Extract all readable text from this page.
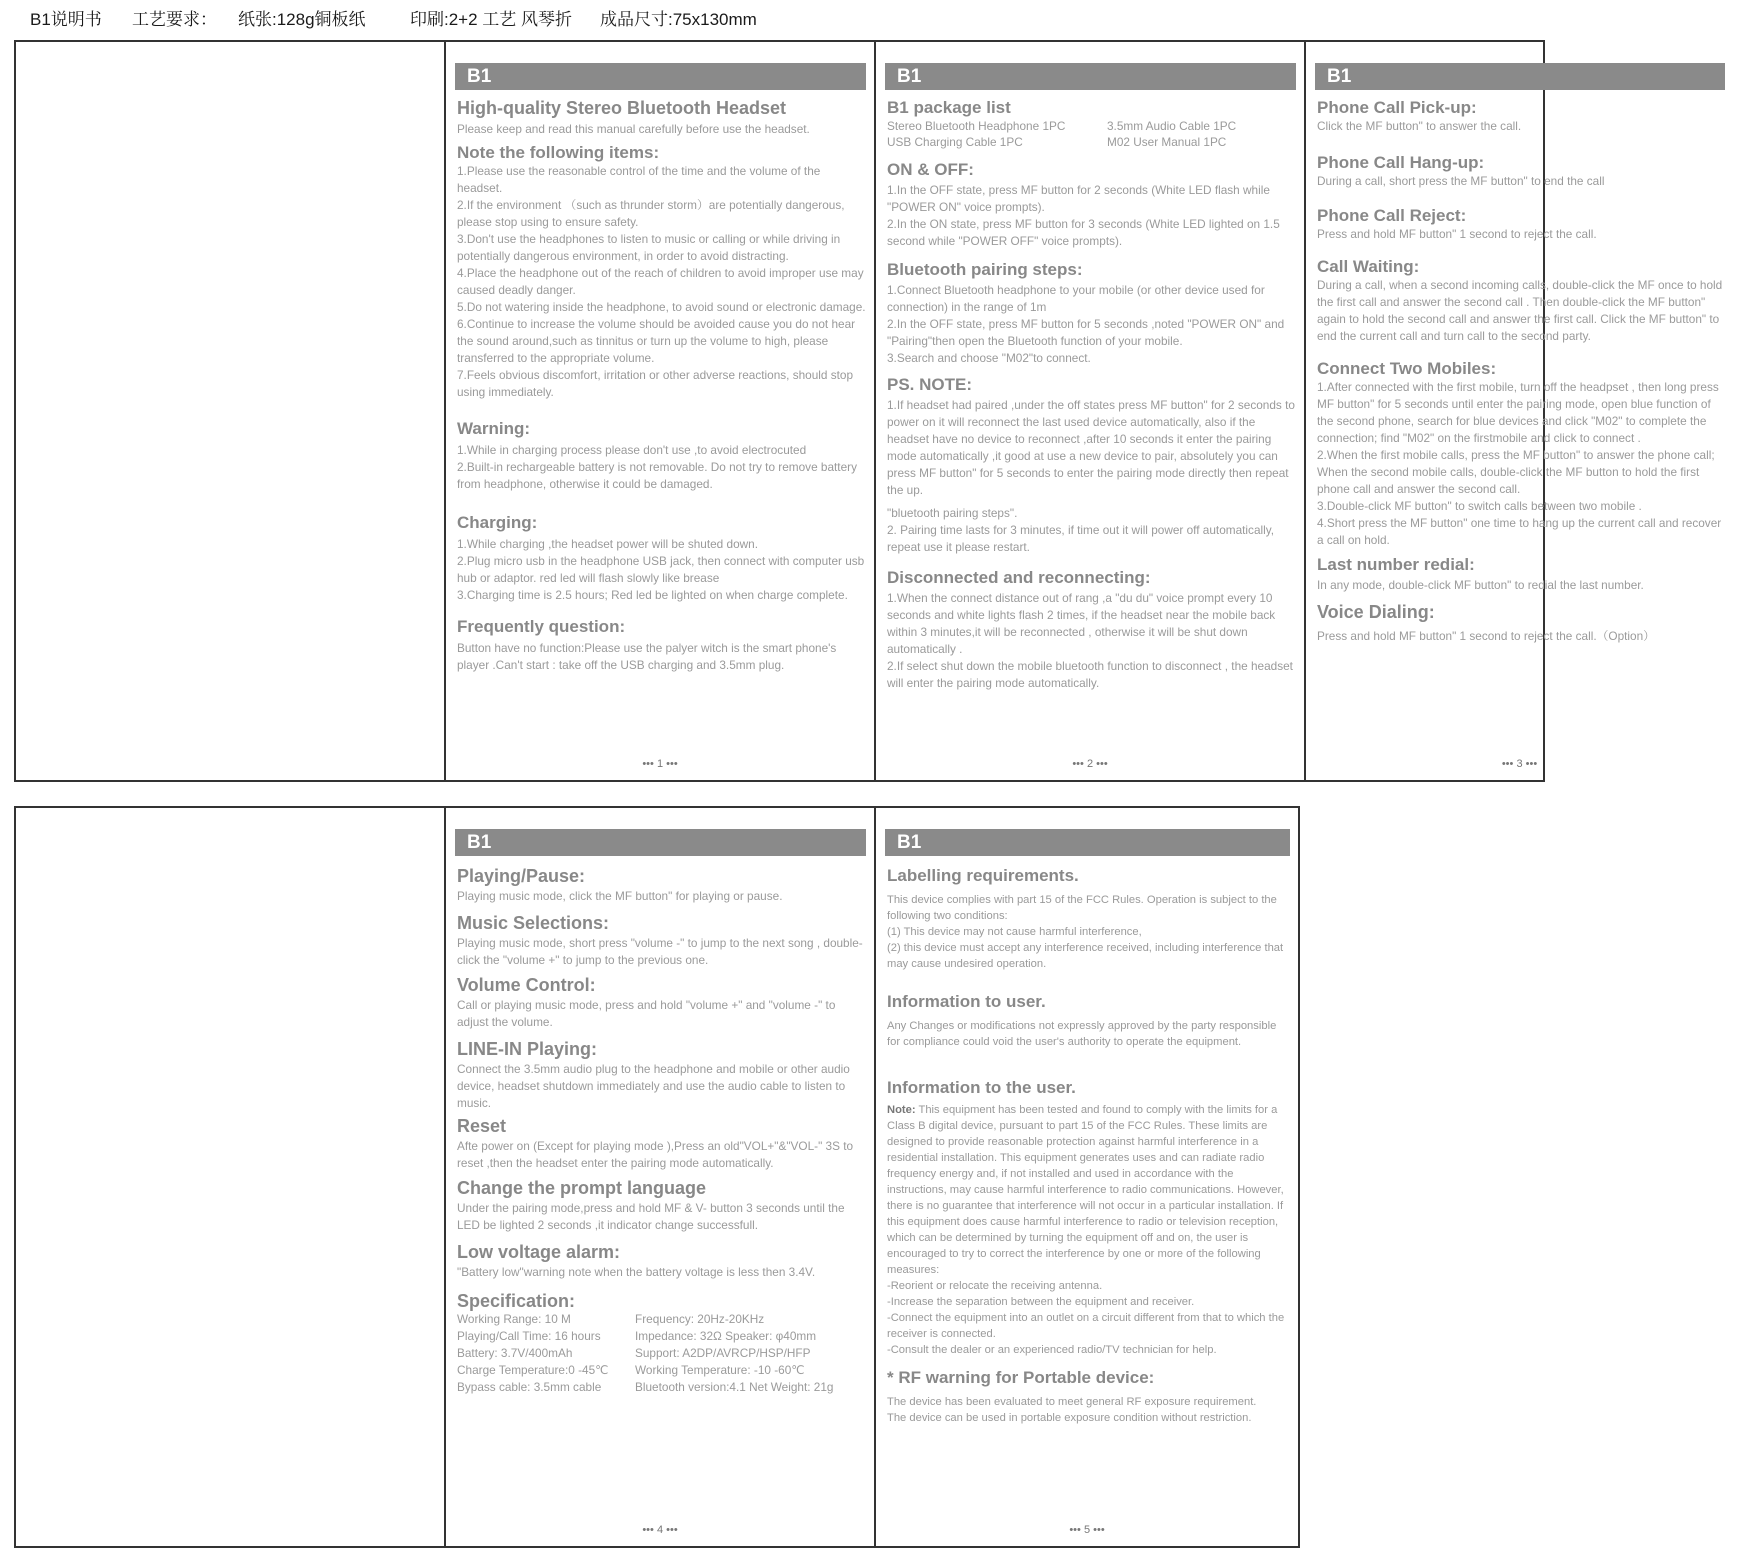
B1说明书	工艺要求：	纸张:128g铜板纸	印刷:2+2 工艺 风琴折	成品尺寸:75x130mm
B1

High-quality Stereo Bluetooth Headset

Please keep and read this manual carefully before use the headset.

Note the following items:

1.Please use the reasonable control of the time and the volume of the headset.
2.If the environment （such as thrunder storm）are potentially dangerous, please stop using to ensure safety.
3.Don't use the headphones to listen to music or calling or while driving in potentially dangerous environment, in order to avoid distracting.
4.Place the headphone out of the reach of children to avoid improper use may caused deadly danger.
5.Do not watering inside the headphone, to avoid sound or electronic damage.
6.Continue to increase the volume should be avoided cause you do not hear the sound around,such as tinnitus or turn up the volume to high, please transferred to the appropriate volume.
7.Feels obvious discomfort, irritation or other adverse reactions, should stop using immediately.

Warning:

1.While in charging process please don't use ,to avoid electrocuted
2.Built-in rechargeable battery is not removable. Do not try to remove battery from headphone, otherwise it could be damaged.

Charging:

1.While charging ,the headset power will be shuted down.
2.Plug micro usb in the headphone USB jack, then connect with computer usb hub or adaptor. red led will flash slowly like brease
3.Charging time is 2.5 hours; Red led be lighted on when charge complete.

Frequently question:

Button have no function:Please use the palyer witch is the smart phone's player .Can't start : take off the USB charging and 3.5mm plug.

••• 1 •••
B1

B1 package list

Stereo Bluetooth Headphone 1PC	3.5mm Audio Cable 1PC
USB Charging Cable 1PC	M02 User Manual 1PC

ON & OFF:

1.In the OFF state, press MF button for 2 seconds (White LED flash while "POWER ON" voice prompts).
2.In the ON state, press MF button for 3 seconds (White LED lighted on 1.5 second while "POWER OFF" voice prompts).

Bluetooth pairing steps:

1.Connect Bluetooth headphone to your mobile (or other device used for connection) in the range of 1m
2.In the OFF state, press MF button for 5 seconds ,noted "POWER ON" and "Pairing"then open the Bluetooth function of your mobile.
3.Search and choose "M02"to connect.

PS. NOTE:

1.If headset had paired ,under the off states press MF button" for 2 seconds to power on it will reconnect the last used device automatically, also if the headset have no device to reconnect ,after 10 seconds it enter the pairing mode automatically ,it good at use a new device to pair, absolutely you can press MF button" for 5 seconds to enter the pairing mode directly then repeat the up.

"bluetooth pairing steps".
2. Pairing time lasts for 3 minutes, if time out it will power off automatically, repeat use it please restart.

Disconnected and reconnecting:

1.When the connect distance out of rang ,a "du du" voice prompt every 10 seconds and white lights flash 2 times, if the headset near the mobile back within 3 minutes,it will be reconnected , otherwise it will be shut down automatically .
2.If select shut down the mobile bluetooth function to disconnect , the headset will enter the pairing mode automatically.

••• 2 •••
B1

Phone Call Pick-up:

Click the MF button" to answer the call.

Phone Call Hang-up:

During a call, short press the MF button" to end the call

Phone Call Reject:

Press and hold MF button" 1 second to reject the call.

Call Waiting:

During a call, when a second incoming calls, double-click the MF once to hold the first call and answer the second call . Then double-click the MF button" again to hold the second call and answer the first call. Click the MF button" to end the current call and turn call to the second party.

Connect Two Mobiles:

1.After connected with the first mobile, turn off the headpset , then long press MF button" for 5 seconds until enter the pairing mode, open blue function of the second phone, search for blue devices and click "M02" to complete the connection; find "M02" on the firstmobile and click to connect .
2.When the first mobile calls, press the MF button" to answer the phone call; When the second mobile calls, double-click the MF button to hold the first phone call and answer the second call.
3.Double-click MF button" to switch calls between two mobile .
4.Short press the MF button" one time to hang up the current call and recover a call on hold.

Last number redial:

In any mode, double-click MF button" to redial the last number.

Voice Dialing:

Press and hold MF button" 1 second to reject the call.（Option）

••• 3 •••
B1

Playing/Pause:

Playing music mode, click the MF button" for playing or pause.

Music Selections:

Playing music mode, short press "volume -" to jump to the next song , double-click the "volume +" to jump to the previous one.

Volume Control:

Call or playing music mode, press and hold "volume +" and "volume -" to adjust the volume.

LINE-IN Playing:

Connect the 3.5mm audio plug to the headphone and mobile or other audio device, headset shutdown immediately and use the audio cable to listen to music.

Reset

Afte power on (Except for playing mode ),Press an old"VOL+"&"VOL-" 3S to reset ,then the headset enter the pairing mode automatically.

Change the prompt language

Under the pairing mode,press and hold MF & V- button 3 seconds until the LED be lighted 2 seconds ,it indicator change successfull.

Low voltage alarm:

"Battery low"warning note when the battery voltage is less then 3.4V.

Specification:

Working Range: 10 M	Frequency: 20Hz-20KHz
Playing/Call Time: 16 hours	Impedance: 32Ω Speaker: φ40mm
Battery: 3.7V/400mAh	Support: A2DP/AVRCP/HSP/HFP
Charge Temperature:0 -45℃	Working Temperature: -10 -60℃
Bypass cable: 3.5mm cable	Bluetooth version:4.1 Net Weight: 21g
••• 4 •••
B1

Labelling requirements.

This device complies with part 15 of the FCC Rules. Operation is subject to the following two conditions:
(1) This device may not cause harmful interference,
(2) this device must accept any interference received, including interference that may cause undesired operation.

Information to user.

Any Changes or modifications not expressly approved by the party responsible for compliance could void the user's authority to operate the equipment.

Information to the user.

Note: This equipment has been tested and found to comply with the limits for a Class B digital device, pursuant to part 15 of the FCC Rules. These limits are designed to provide reasonable protection against harmful interference in a residential installation. This equipment generates uses and can radiate radio frequency energy and, if not installed and used in accordance with the instructions, may cause harmful interference to radio communications. However, there is no guarantee that interference will not occur in a particular installation. If this equipment does cause harmful interference to radio or television reception, which can be determined by turning the equipment off and on, the user is encouraged to try to correct the interference by one or more of the following measures:
-Reorient or relocate the receiving antenna.
-Increase the separation between the equipment and receiver.
-Connect the equipment into an outlet on a circuit different from that to which the receiver is connected.
-Consult the dealer or an experienced radio/TV technician for help.

* RF warning for Portable device:

The device has been evaluated to meet general RF exposure requirement.
The device can be used in portable exposure condition without restriction.

••• 5 •••
